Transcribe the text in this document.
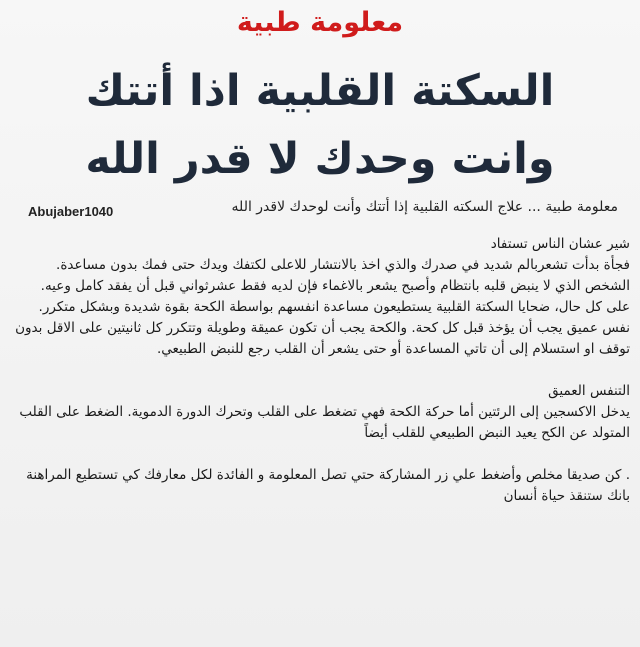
معلومة طبية
السكتة القلبية اذا أتتك
وانت وحدك لا قدر الله
Abujaber1040	معلومة طبية ... علاج السكته القلبية إذا أتتك وأنت لوحدك لاقدر الله

شير عشان الناس تستفاد

فجأة بدأت تشعربالم شديد في صدرك والذي اخذ بالانتشار للاعلى لكتفك ويدك حتى فمك بدون مساعدة.

الشخص الذي لا ينبض قلبه بانتظام وأصبح يشعر بالاغماء فإن لديه فقط عشرثواني قبل أن يفقد كامل وعيه.

على كل حال، ضحايا السكتة القلبية يستطيعون مساعدة انفسهم بواسطة الكحة بقوة شديدة وبشكل متكرر. نفس عميق يجب أن يؤخذ قبل كل كحة. والكحة يجب أن تكون عميقة وطويلة وتتكرر كل ثانيتين على الاقل بدون توقف او استسلام إلى أن تاتي المساعدة أو حتى يشعر أن القلب رجع للنبض الطبيعي.

التنفس العميق

يدخل الاكسجين إلى الرئتين أما حركة الكحة فهي تضغط على القلب وتحرك الدورة الدموية. الضغط على القلب المتولد عن الكح يعيد النبض الطبيعي للقلب أيضاً

. كن صديقا مخلص وأضغط علي زر المشاركة حتي تصل المعلومة و الفائدة لكل معارفك كي تستطيع المراهنة بانك ستنقذ حياة أنسان
